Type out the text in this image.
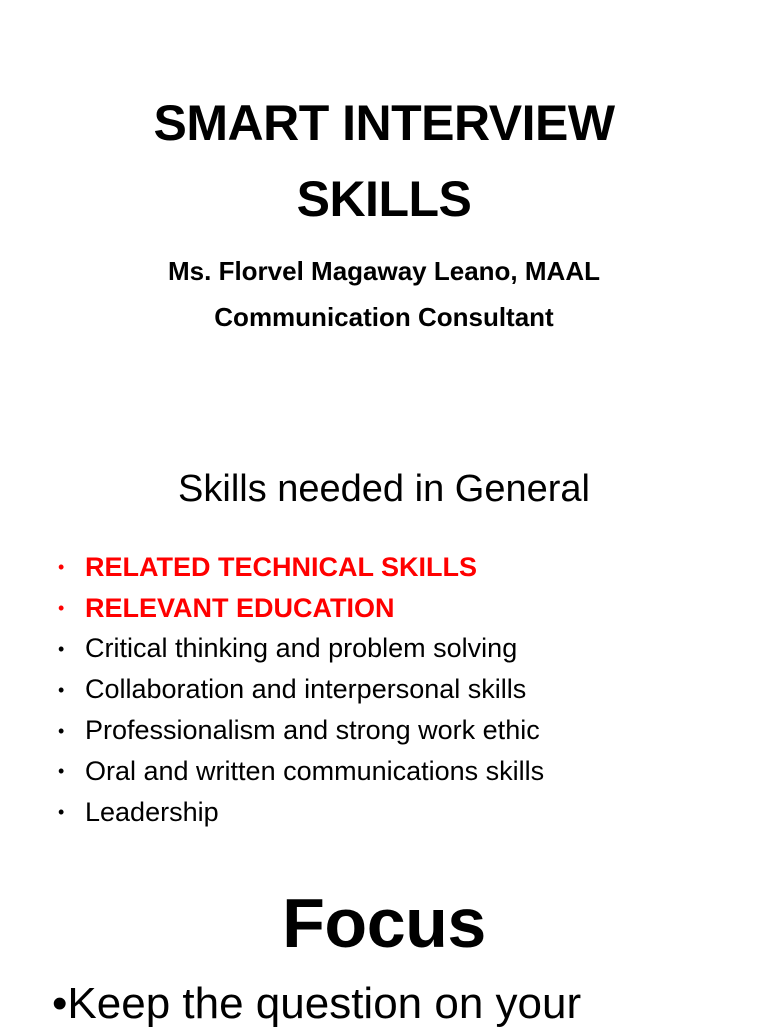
SMART INTERVIEW
SKILLS
Ms. Florvel Magaway Leano, MAAL
Communication Consultant
Skills needed in General
• RELATED TECHNICAL SKILLS
• RELEVANT EDUCATION
• Critical thinking and problem solving
• Collaboration and interpersonal skills
• Professionalism and strong work ethic
• Oral and written communications skills
• Leadership
Focus
•Keep the question on your
